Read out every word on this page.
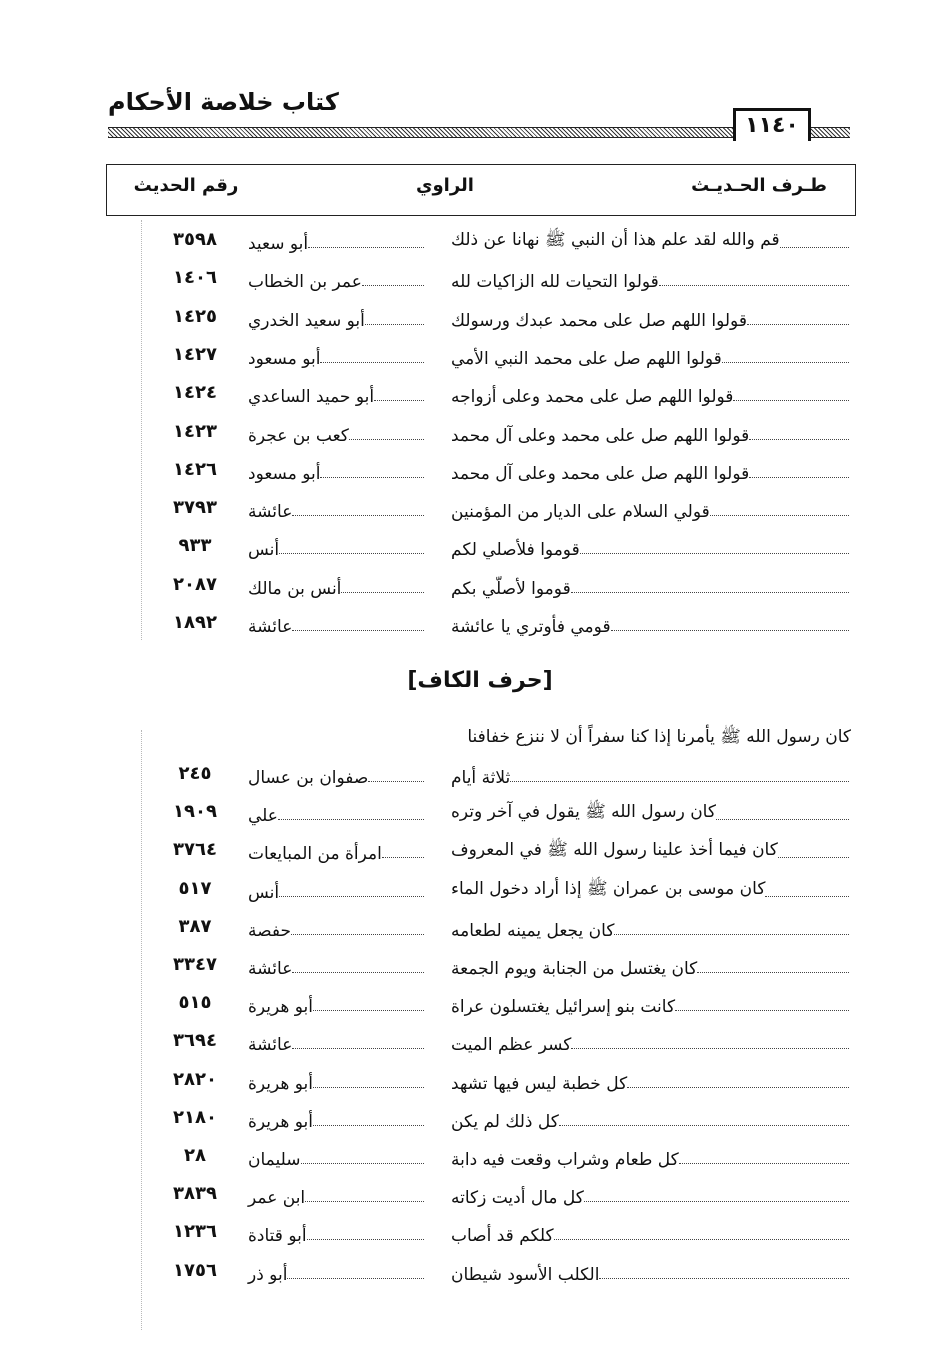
كتاب خلاصة الأحكام
١١٤٠
طـرف الحـديـث
الراوي
رقم الحديث
قم والله لقد علم هذا أن النبي ﷺ نهانا عن ذلك
أبو سعيد
٣٥٩٨
قولوا التحيات لله الزاكيات لله
عمر بن الخطاب
١٤٠٦
قولوا اللهم صل على محمد عبدك ورسولك
أبو سعيد الخدري
١٤٢٥
قولوا اللهم صل على محمد النبي الأمي
أبو مسعود
١٤٢٧
قولوا اللهم صل على محمد وعلى أزواجه
أبو حميد الساعدي
١٤٢٤
قولوا اللهم صل على محمد وعلى آل محمد
كعب بن عجرة
١٤٢٣
قولوا اللهم صل على محمد وعلى آل محمد
أبو مسعود
١٤٢٦
قولي السلام على الديار من المؤمنين
عائشة
٣٧٩٣
قوموا فلأصلي لكم
أنس
٩٣٣
قوموا لأصلّي بكم
أنس بن مالك
٢٠٨٧
قومي فأوتري يا عائشة
عائشة
١٨٩٢
[حرف الكاف]
كان رسول الله ﷺ يأمرنا إذا كنا سفراً أن لا ننزع خفافنا
ثلاثة أيام
صفوان بن عسال
٢٤٥
كان رسول الله ﷺ يقول في آخر وتره
علي
١٩٠٩
كان فيما أخذ علينا رسول الله ﷺ في المعروف
امرأة من المبايعات
٣٧٦٤
كان موسى بن عمران ﷺ إذا أراد دخول الماء
أنس
٥١٧
كان يجعل يمينه لطعامه
حفصة
٣٨٧
كان يغتسل من الجنابة ويوم الجمعة
عائشة
٣٣٤٧
كانت بنو إسرائيل يغتسلون عراة
أبو هريرة
٥١٥
كسر عظم الميت
عائشة
٣٦٩٤
كل خطبة ليس فيها تشهد
أبو هريرة
٢٨٢٠
كل ذلك لم يكن
أبو هريرة
٢١٨٠
كل طعام وشراب وقعت فيه دابة
سليمان
٢٨
كل مال أديت زكاته
ابن عمر
٣٨٣٩
كلكم قد أصاب
أبو قتادة
١٢٣٦
الكلب الأسود شيطان
أبو ذر
١٧٥٦
